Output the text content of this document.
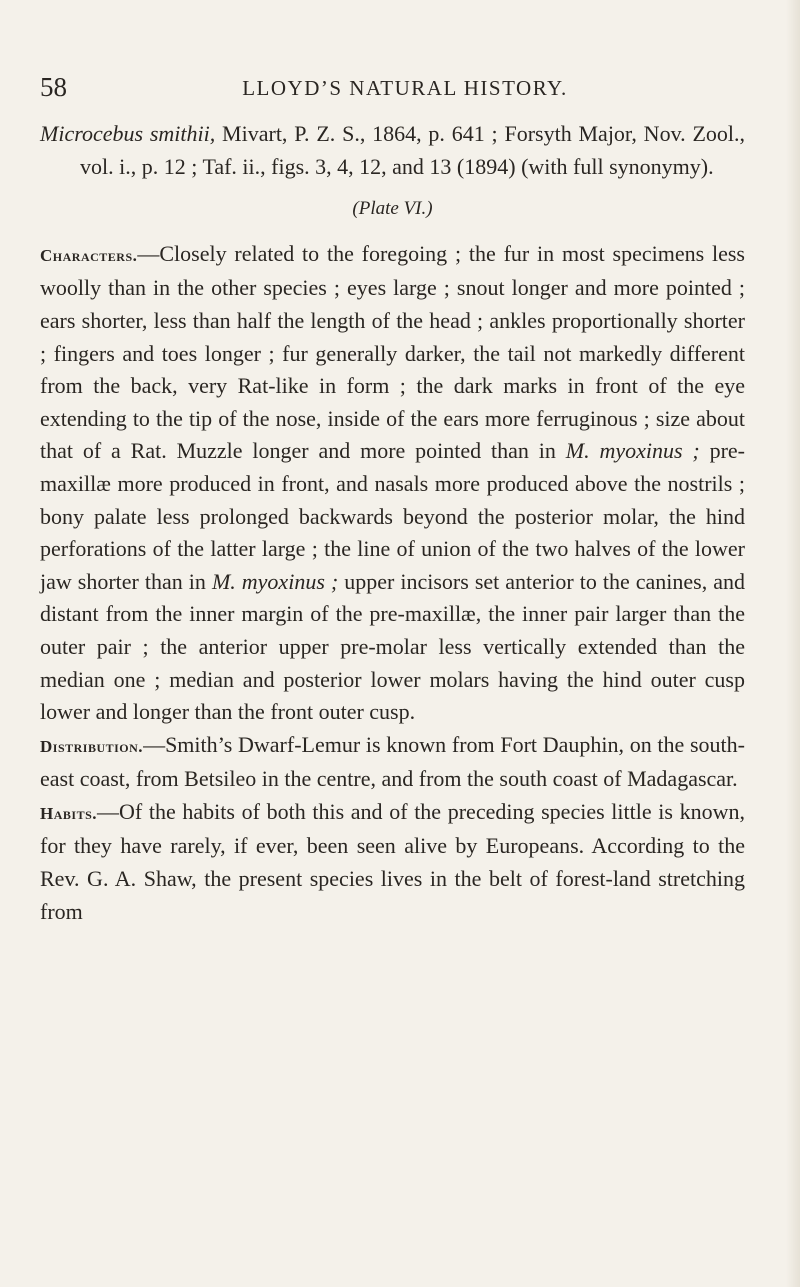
58	LLOYD’S NATURAL HISTORY.

Microcebus smithii, Mivart, P. Z. S., 1864, p. 641 ; Forsyth Major, Nov. Zool., vol. i., p. 12 ; Taf. ii., figs. 3, 4, 12, and 13 (1894) (with full synonymy).

(Plate VI.)

Characters.—Closely related to the foregoing ; the fur in most specimens less woolly than in the other species ; eyes large ; snout longer and more pointed ; ears shorter, less than half the length of the head ; ankles proportionally shorter ; fingers and toes longer ; fur generally darker, the tail not markedly different from the back, very Rat-like in form ; the dark marks in front of the eye extending to the tip of the nose, inside of the ears more ferruginous ; size about that of a Rat. Muzzle longer and more pointed than in M. myoxinus ; pre-maxillæ more produced in front, and nasals more produced above the nostrils ; bony palate less prolonged backwards beyond the posterior molar, the hind perforations of the latter large ; the line of union of the two halves of the lower jaw shorter than in M. myoxinus ; upper incisors set anterior to the canines, and distant from the inner margin of the pre-maxillæ, the inner pair larger than the outer pair ; the anterior upper pre-molar less vertically extended than the median one ; median and posterior lower molars having the hind outer cusp lower and longer than the front outer cusp.

Distribution.—Smith’s Dwarf-Lemur is known from Fort Dauphin, on the south-east coast, from Betsileo in the centre, and from the south coast of Madagascar.

Habits.—Of the habits of both this and of the preceding species little is known, for they have rarely, if ever, been seen alive by Europeans. According to the Rev. G. A. Shaw, the present species lives in the belt of forest-land stretching from
